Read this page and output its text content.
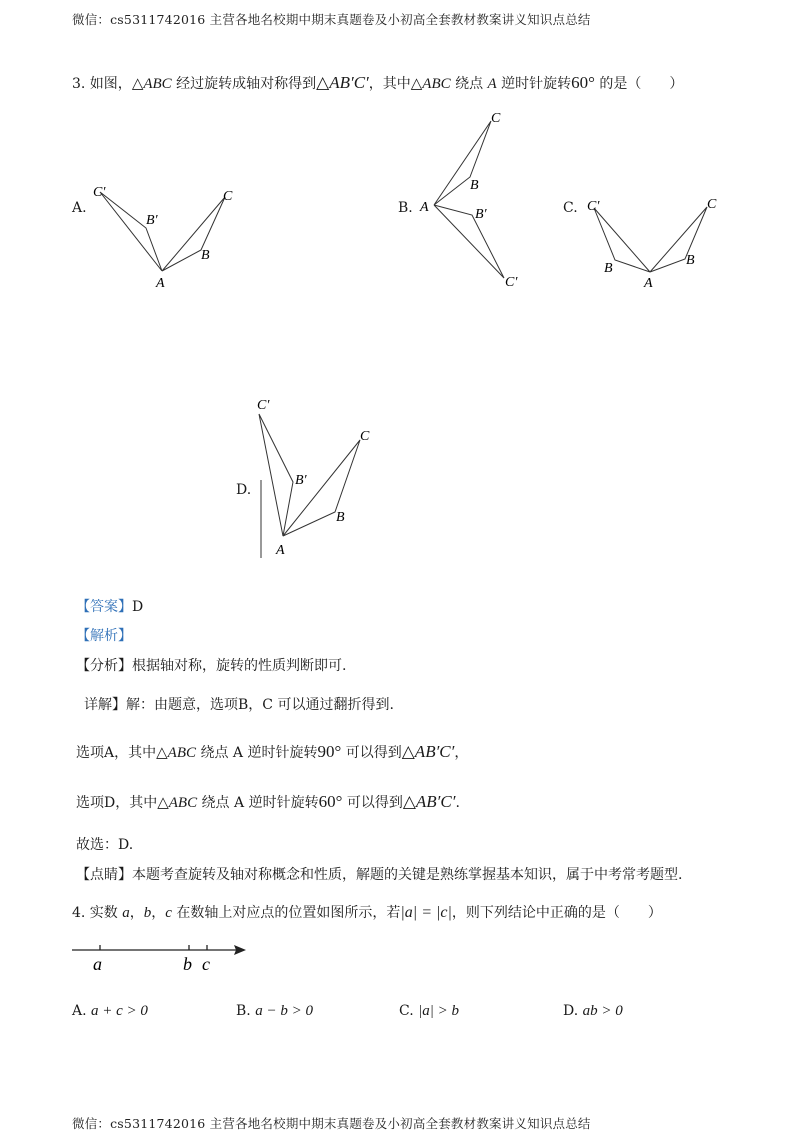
微信：cs5311742016 主营各地名校期中期末真题卷及小初高全套教材教案讲义知识点总结
3. 如图，△ABC 经过旋转成轴对称得到△AB′C′，其中△ABC 绕点 A 逆时针旋转60° 的是（　　）
A.
C′
B′
A
B
C
B. A
B
C
B′
C′
C. C′
B
A
B
C
D.
C′
B′
A
B
C
【答案】D
【解析】
【分析】根据轴对称，旋转的性质判断即可.
详解】解：由题意，选项B，C 可以通过翻折得到.
选项A，其中△ABC 绕点 A 逆时针旋转90° 可以得到△AB′C′，
选项D，其中△ABC 绕点 A 逆时针旋转60° 可以得到△AB′C′.
故选：D.
【点睛】本题考查旋转及轴对称概念和性质，解题的关键是熟练掌握基本知识，属于中考常考题型.
4. 实数 a，b，c 在数轴上对应点的位置如图所示，若|a| = |c|，则下列结论中正确的是（　　）
a	b c
A. a + c > 0	B. a − b > 0	C. |a| > b	D. ab > 0
微信：cs5311742016 主营各地名校期中期末真题卷及小初高全套教材教案讲义知识点总结
